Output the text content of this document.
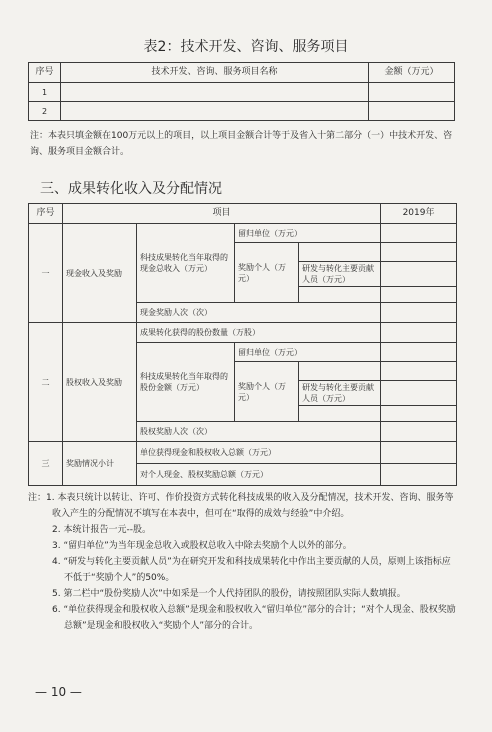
表2：技术开发、咨询、服务项目
序号	技术开发、咨询、服务项目名称	金额（万元）
1		
2		
注：本表只填金额在100万元以上的项目，以上项目金额合计等于及省入十第二部分（一）中技术开发、咨询、服务项目金额合计。
三、成果转化收入及分配情况
序号	项目				2019年
一	现金收入及奖励	科技成果转化当年取得的现金总收入（万元）	留归单位（万元）		
			奖励个人（万元）		
				研发与转化主要贡献人员（万元）	

		现金奖励人次（次）			
二	股权收入及奖励	成果转化获得的股份数量（万股）			
		科技成果转化当年取得的股份金额（万元）	留归单位（万元）		
			奖励个人（万元）		
				研发与转化主要贡献人员（万元）	

		股权奖励人次（次）			
三	奖励情况小计	单位获得现金和股权收入总额（万元）			
		对个人现金、股权奖励总额（万元）			
注：1. 本表只统计以转让、许可、作价投资方式转化科技成果的收入及分配情况，技术开发、咨询、服务等收入产生的分配情况不填写在本表中，但可在“取得的成效与经验”中介绍。
2. 本统计报告一元--股。
3. “留归单位”为当年现金总收入或股权总收入中除去奖励个人以外的部分。
4. “研发与转化主要贡献人员”为在研究开发和科技成果转化中作出主要贡献的人员，原则上该指标应不低于“奖励个人”的50%。
5. 第二栏中“股份奖励人次”中如采是一个人代持团队的股份，请按照团队实际人数填报。
6. “单位获得现金和股权收入总额”是现金和股权收入“留归单位”部分的合计；“对个人现金、股权奖励总额”是现金和股权收入“奖励个人”部分的合计。
— 10 —
